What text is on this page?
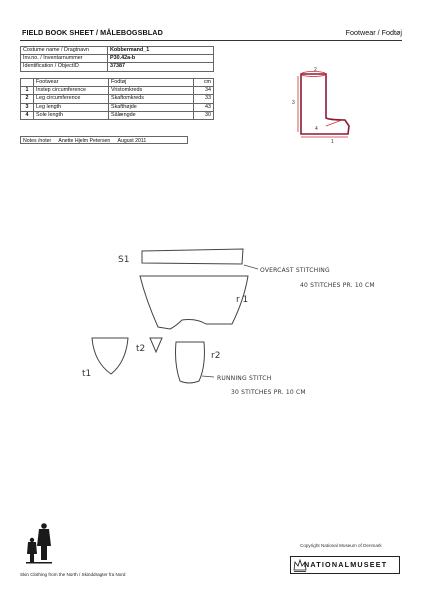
FIELD BOOK SHEET / MÅLEBOGSBLAD	Footwear / Fodtøj
Costume name / Dragtnavn	Kobbermand_1
Inv.no. / Inventarnummer	P30.42a-b
Identification / ObjectID	37387
	Footwear	Fodtøj	cm
1	Instep circumference	Vristomkreds	34
2	Leg circumference	Skaftomkreds	33
3	Leg length	Skafthøjde	43
4	Sole length	Sålængde	30
Notes /noter Anette Hjelm Petersen August 2011
2
3
4
1
S1
OVERCAST STITCHING
40 STITCHES PR. 10 CM
r 1
t2
t1
r2
RUNNING STITCH
30 STITCHES PR. 10 CM
Copyright National Museum of Denmark
NATIONALMUSEET
Skin Clothing from the North / Skinddragter fra Nord
